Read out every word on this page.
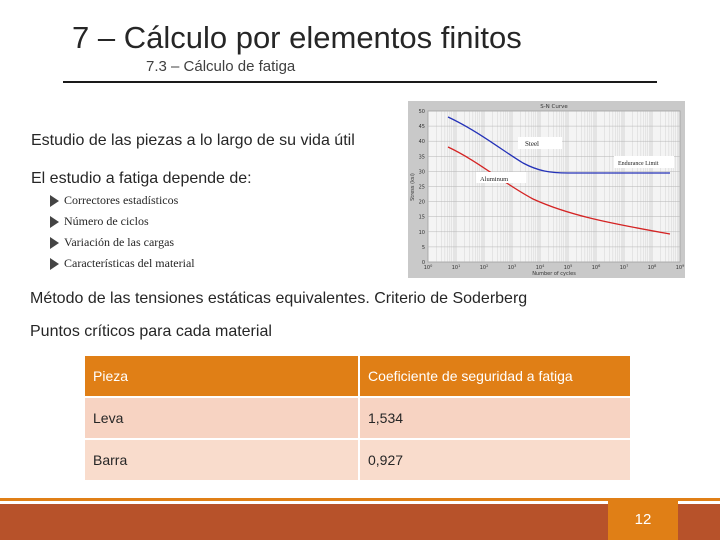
7 – Cálculo por elementos finitos
7.3 – Cálculo de fatiga
Estudio de las piezas a lo largo de su vida útil
El estudio a fatiga depende de:
Correctores estadísticos
Número de ciclos
Variación de las cargas
Características del material
50
45
40
35
30
25
20
15
10
5
0
$10^0$	$10^1$	$10^2$	$10^3$	$10^4$	$10^5$	$10^6$	$10^7$	$10^8$	$10^9$
S-N Curve
Number of cycles
Stress (ksi)
Steel
Endurance Limit
Aluminum
Método de las tensiones estáticas equivalentes. Criterio de Soderberg
Puntos críticos para cada material
Pieza	Coeficiente de seguridad a fatiga
Leva	1,534
Barra	0,927
12
